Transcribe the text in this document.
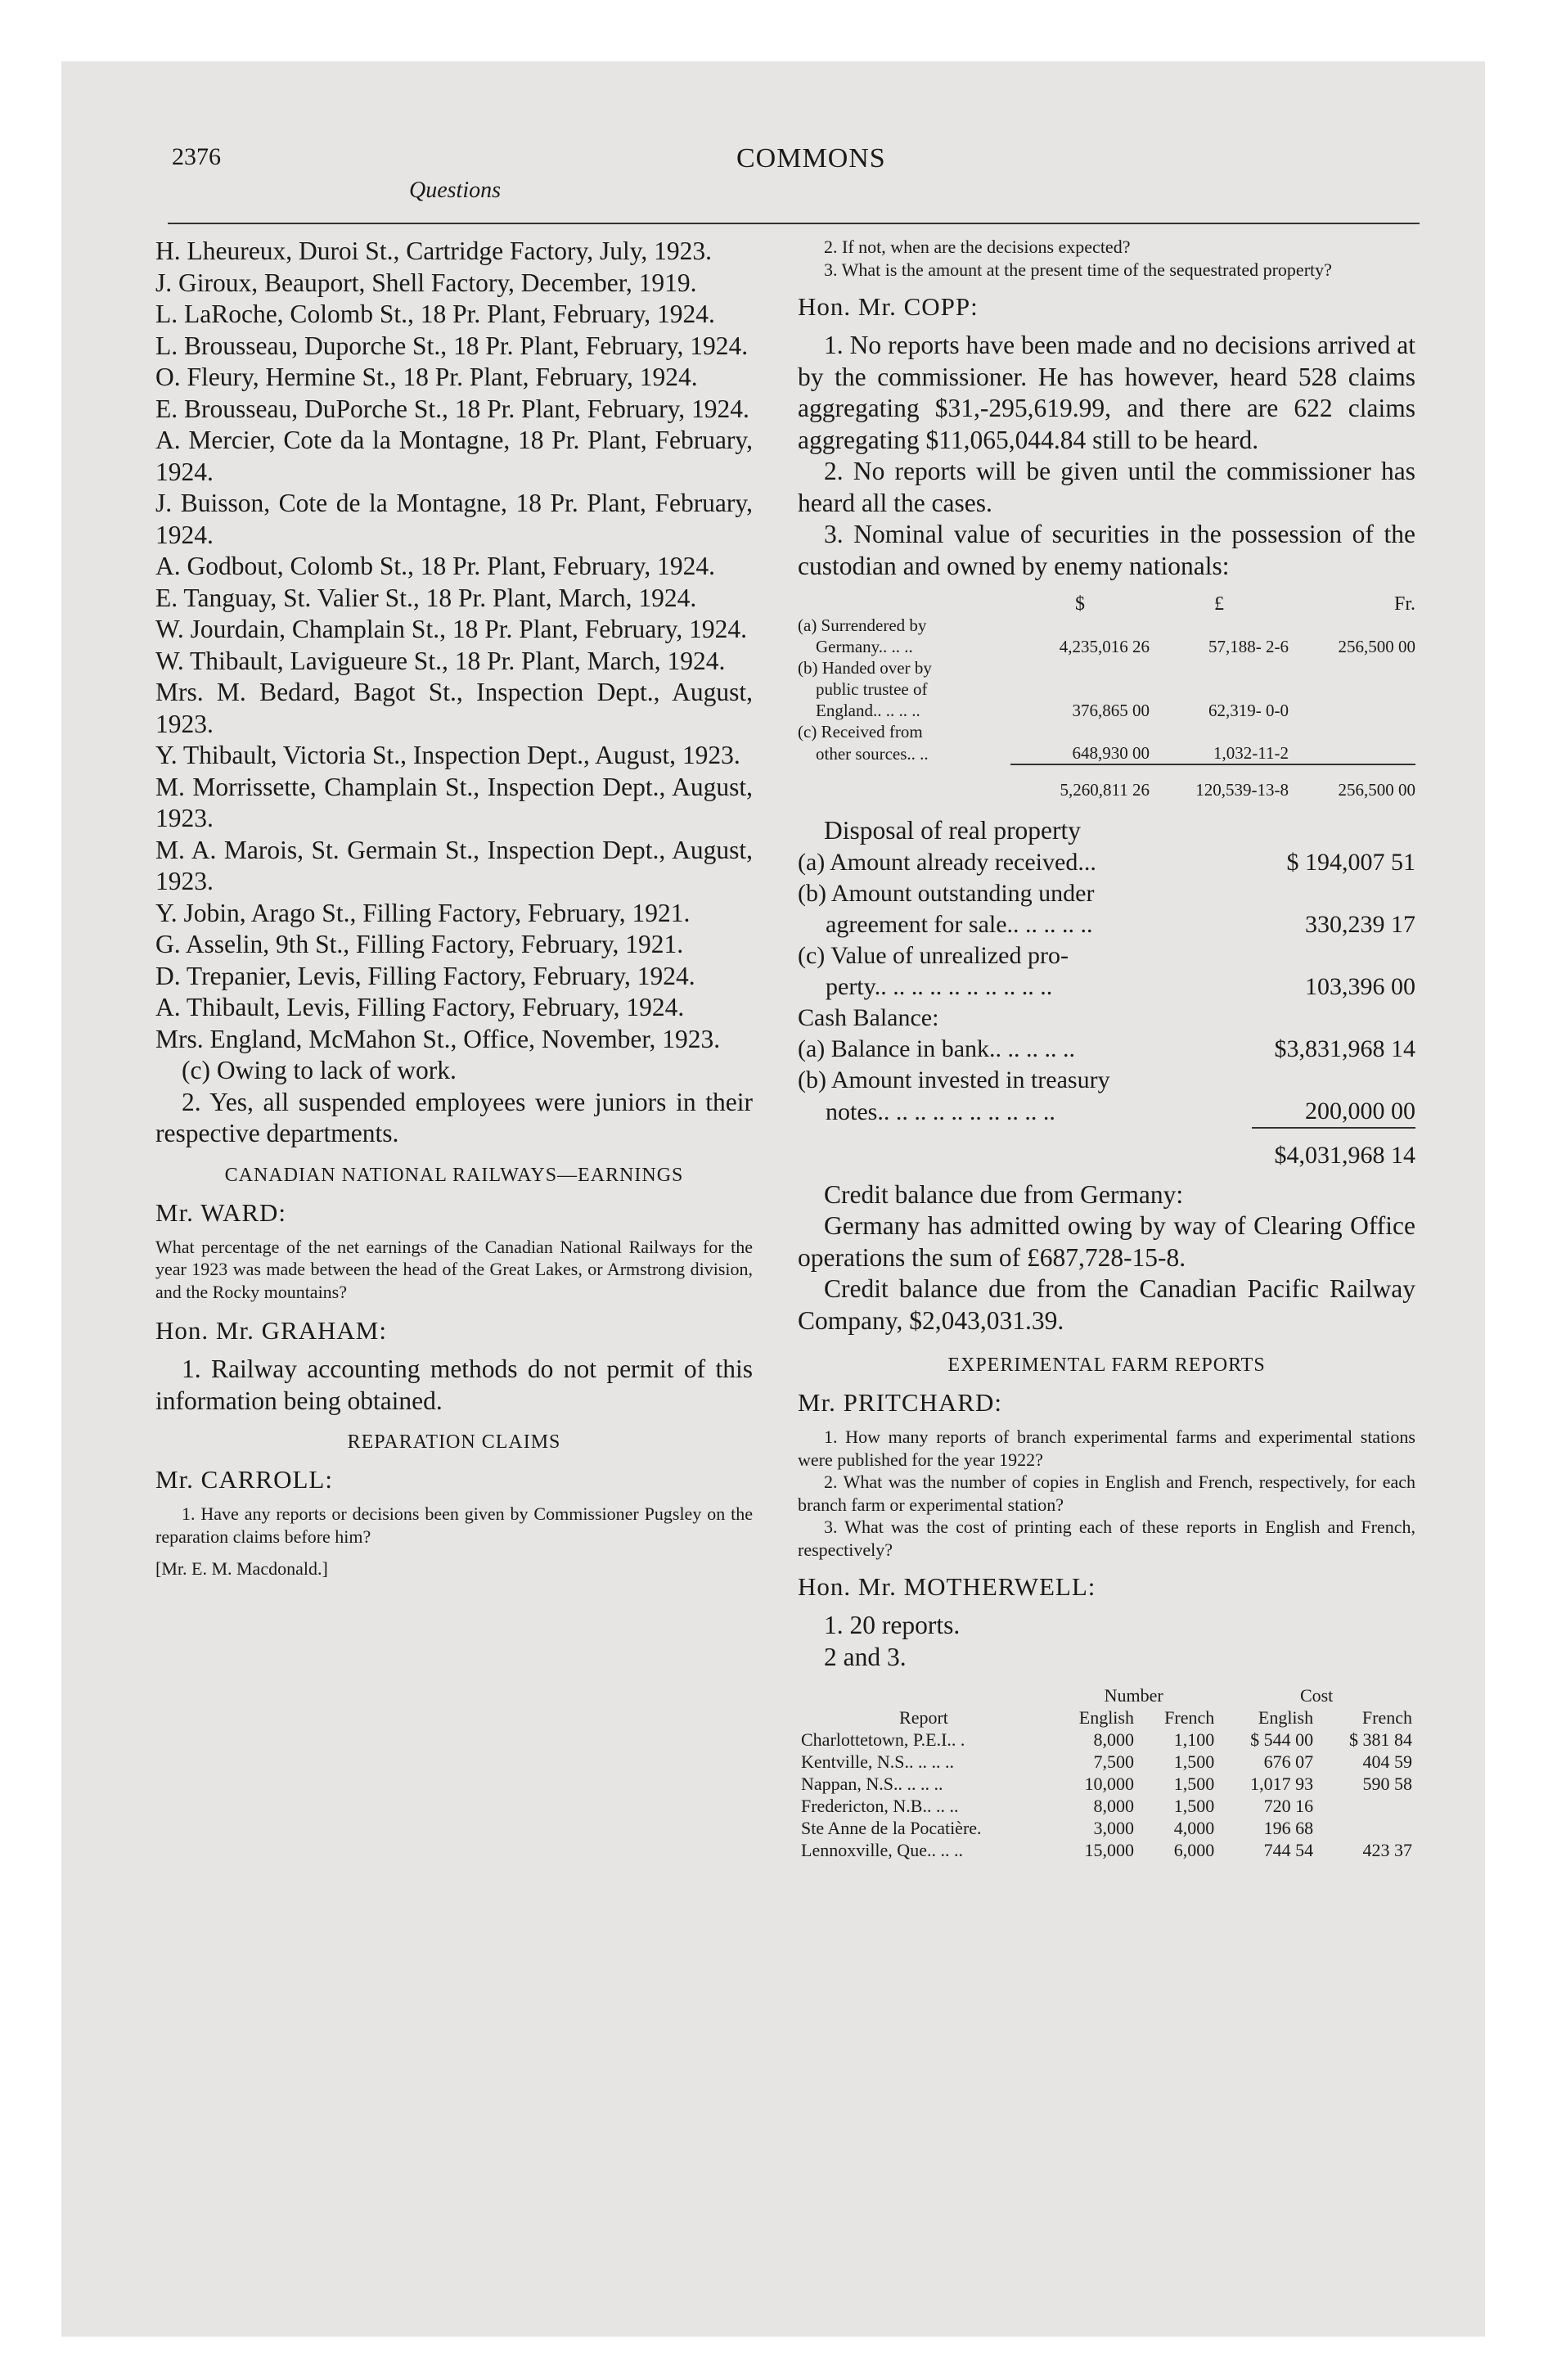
2376	COMMONS
Questions

H. Lheureux, Duroi St., Cartridge Factory, July, 1923.

J. Giroux, Beauport, Shell Factory, December, 1919.

L. LaRoche, Colomb St., 18 Pr. Plant, February, 1924.

L. Brousseau, Duporche St., 18 Pr. Plant, February, 1924.

O. Fleury, Hermine St., 18 Pr. Plant, February, 1924.

E. Brousseau, DuPorche St., 18 Pr. Plant, February, 1924.

A. Mercier, Cote da la Montagne, 18 Pr. Plant, February, 1924.

J. Buisson, Cote de la Montagne, 18 Pr. Plant, February, 1924.

A. Godbout, Colomb St., 18 Pr. Plant, February, 1924.

E. Tanguay, St. Valier St., 18 Pr. Plant, March, 1924.

W. Jourdain, Champlain St., 18 Pr. Plant, February, 1924.

W. Thibault, Lavigueure St., 18 Pr. Plant, March, 1924.

Mrs. M. Bedard, Bagot St., Inspection Dept., August, 1923.

Y. Thibault, Victoria St., Inspection Dept., August, 1923.

M. Morrissette, Champlain St., Inspection Dept., August, 1923.

M. A. Marois, St. Germain St., Inspection Dept., August, 1923.

Y. Jobin, Arago St., Filling Factory, February, 1921.

G. Asselin, 9th St., Filling Factory, February, 1921.

D. Trepanier, Levis, Filling Factory, February, 1924.

A. Thibault, Levis, Filling Factory, February, 1924.

Mrs. England, McMahon St., Office, November, 1923.

(c) Owing to lack of work.

2. Yes, all suspended employees were juniors in their respective departments.

CANADIAN NATIONAL RAILWAYS—EARNINGS
Mr. WARD:

What percentage of the net earnings of the Canadian National Railways for the year 1923 was made between the head of the Great Lakes, or Armstrong division, and the Rocky mountains?

Hon. Mr. GRAHAM:

1. Railway accounting methods do not permit of this information being obtained.

REPARATION CLAIMS
Mr. CARROLL:

1. Have any reports or decisions been given by Commissioner Pugsley on the reparation claims before him?

[Mr. E. M. Macdonald.]

2. If not, when are the decisions expected?

3. What is the amount at the present time of the sequestrated property?

Hon. Mr. COPP:

1. No reports have been made and no decisions arrived at by the commissioner. He has however, heard 528 claims aggregating $31,-295,619.99, and there are 622 claims aggregating $11,065,044.84 still to be heard.

2. No reports will be given until the commissioner has heard all the cases.

3. Nominal value of securities in the possession of the custodian and owned by enemy nationals:

	$	£	Fr.
(a) Surrendered by			
Germany.. .. ..	4,235,016 26	57,188- 2-6	256,500 00
(b) Handed over by			
public trustee of			
England.. .. .. ..	376,865 00	62,319- 0-0	
(c) Received from			
other sources.. ..	648,930 00	1,032-11-2	

	5,260,811 26	120,539-13-8	256,500 00

Disposal of real property

(a) Amount already received...	$ 194,007 51
(b) Amount outstanding under	
agreement for sale.. .. .. .. ..	330,239 17
(c) Value of unrealized pro-	
perty.. .. .. .. .. .. .. .. .. ..	103,396 00
Cash Balance:	
(a) Balance in bank.. .. .. .. ..	$3,831,968 14
(b) Amount invested in treasury	
notes.. .. .. .. .. .. .. .. .. ..	200,000 00

	$4,031,968 14

Credit balance due from Germany:

Germany has admitted owing by way of Clearing Office operations the sum of £687,728-15-8.

Credit balance due from the Canadian Pacific Railway Company, $2,043,031.39.

EXPERIMENTAL FARM REPORTS
Mr. PRITCHARD:

1. How many reports of branch experimental farms and experimental stations were published for the year 1922?

2. What was the number of copies in English and French, respectively, for each branch farm or experimental station?

3. What was the cost of printing each of these reports in English and French, respectively?

Hon. Mr. MOTHERWELL:

1. 20 reports.

2 and 3.

	Number		Cost	
Report	English	French	English	French
Charlottetown, P.E.I.. .	8,000	1,100	$ 544 00	$ 381 84
Kentville, N.S.. .. .. ..	7,500	1,500	676 07	404 59
Nappan, N.S.. .. .. ..	10,000	1,500	1,017 93	590 58
Fredericton, N.B.. .. ..	8,000	1,500	720 16	
Ste Anne de la Pocatière.	3,000	4,000	196 68	
Lennoxville, Que.. .. ..	15,000	6,000	744 54	423 37
